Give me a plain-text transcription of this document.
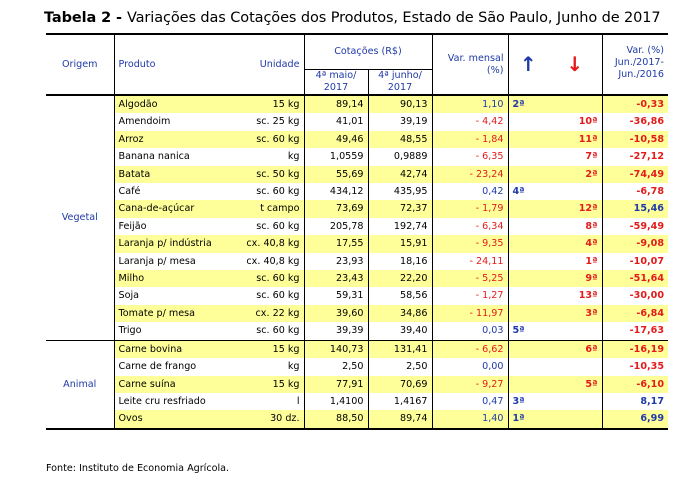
Tabela 2 - Variações das Cotações dos Produtos, Estado de São Paulo, Junho de 2017
Origem	Produto	Unidade	Cotações (R$)		Var. mensal (%)	↑	↓	Var. (%) Jun./2017- Jun./2016
			4ª maio/ 2017	4ª junho/ 2017				
Vegetal	Algodão	15 kg	89,14	90,13	1,10	2ª		-0,33
	Amendoim	sc. 25 kg	41,01	39,19	- 4,42		10ª	-36,86
	Arroz	sc. 60 kg	49,46	48,55	- 1,84		11ª	-10,58
	Banana nanica	kg	1,0559	0,9889	- 6,35		7ª	-27,12
	Batata	sc. 50 kg	55,69	42,74	- 23,24		2ª	-74,49
	Café	sc. 60 kg	434,12	435,95	0,42	4ª		-6,78
	Cana-de-açúcar	t campo	73,69	72,37	- 1,79		12ª	15,46
	Feijão	sc. 60 kg	205,78	192,74	- 6,34		8ª	-59,49
	Laranja p/ indústria	cx. 40,8 kg	17,55	15,91	- 9,35		4ª	-9,08
	Laranja p/ mesa	cx. 40,8 kg	23,93	18,16	- 24,11		1ª	-10,07
	Milho	sc. 60 kg	23,43	22,20	- 5,25		9ª	-51,64
	Soja	sc. 60 kg	59,31	58,56	- 1,27		13ª	-30,00
	Tomate p/ mesa	cx. 22 kg	39,60	34,86	- 11,97		3ª	-6,84
	Trigo	sc. 60 kg	39,39	39,40	0,03	5ª		-17,63
Animal	Carne bovina	15 kg	140,73	131,41	- 6,62		6ª	-16,19
	Carne de frango	kg	2,50	2,50	0,00			-10,35
	Carne suína	15 kg	77,91	70,69	- 9,27		5ª	-6,10
	Leite cru resfriado	l	1,4100	1,4167	0,47	3ª		8,17
	Ovos	30 dz.	88,50	89,74	1,40	1ª		6,99
Fonte: Instituto de Economia Agrícola.
